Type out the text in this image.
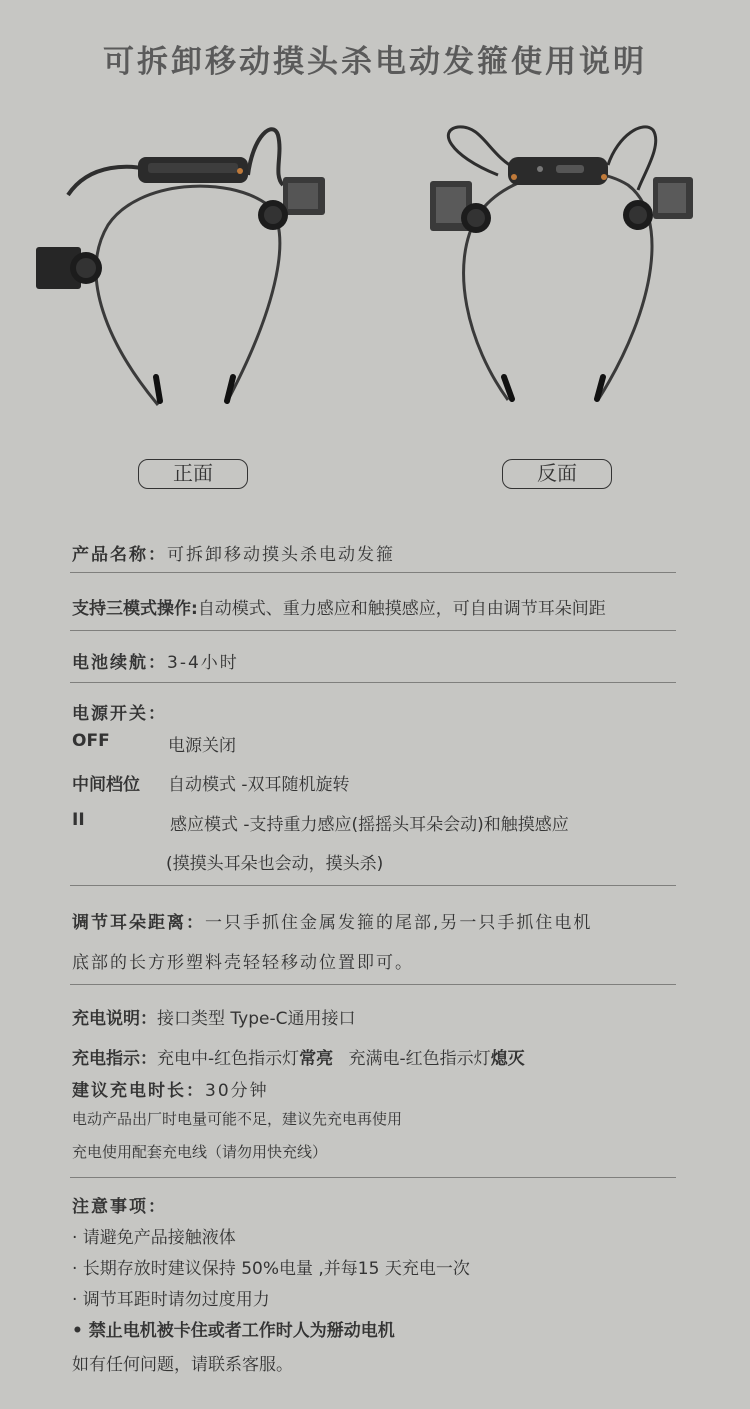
可拆卸移动摸头杀电动发箍使用说明
正面	反面
产品名称：可拆卸移动摸头杀电动发箍
支持三模式操作:自动模式、重力感应和触摸感应，可自由调节耳朵间距
电池续航：3-4小时
电源开关：
OFF	电源关闭
中间档位 自动模式 -双耳随机旋转
II	感应模式 -支持重力感应(摇摇头耳朵会动)和触摸感应
(摸摸头耳朵也会动，摸头杀)
调节耳朵距离：一只手抓住金属发箍的尾部,另一只手抓住电机
底部的长方形塑料壳轻轻移动位置即可。
充电说明：接口类型 Type-C通用接口
充电指示：充电中-红色指示灯常亮 充满电-红色指示灯熄灭
建议充电时长：30分钟
电动产品出厂时电量可能不足，建议先充电再使用
充电使用配套充电线（请勿用快充线）
注意事项：
· 请避免产品接触液体
· 长期存放时建议保持 50%电量 ,并每15 天充电一次
· 调节耳距时请勿过度用力
• 禁止电机被卡住或者工作时人为掰动电机
如有任何问题，请联系客服。
